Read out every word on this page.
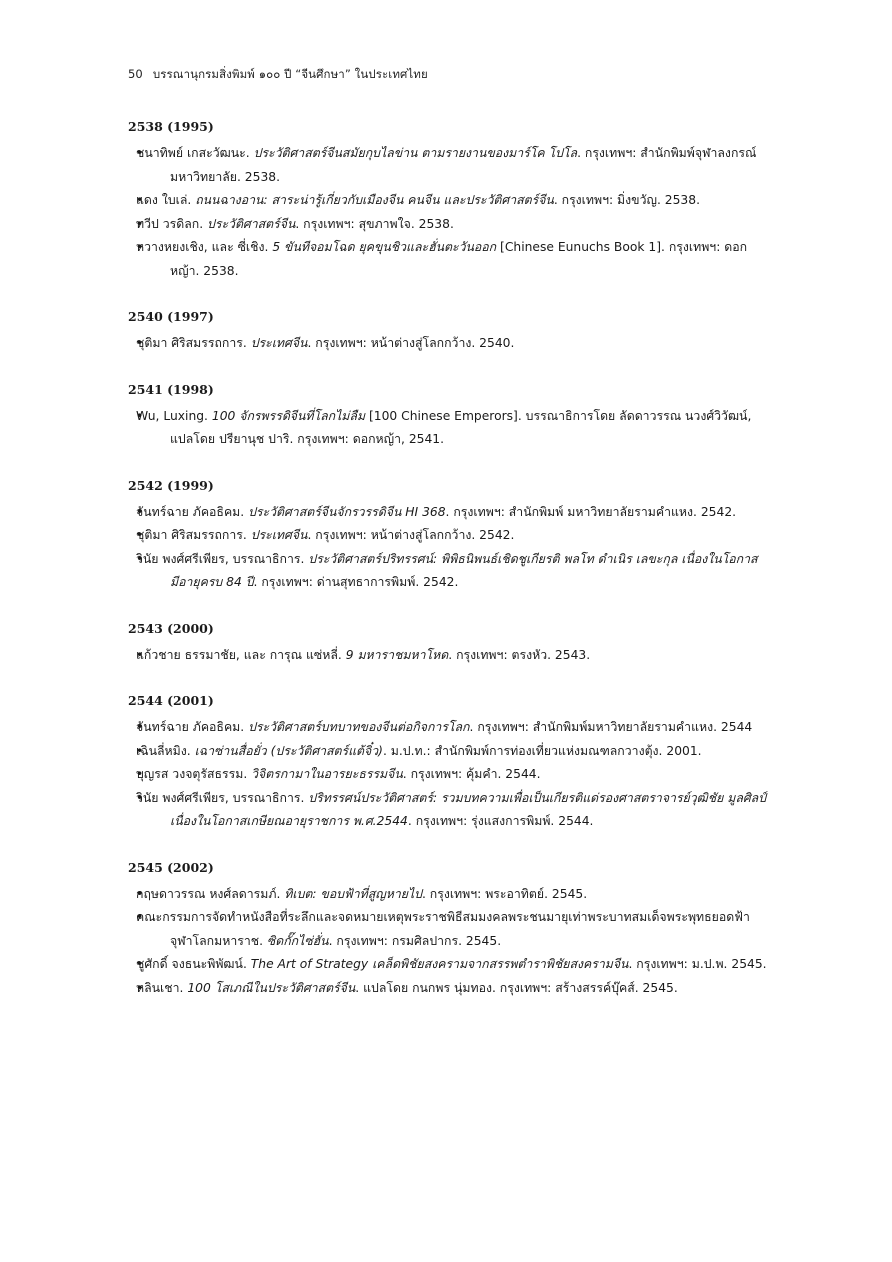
50 บรรณานุกรมสิ่งพิมพ์ ๑๐๐ ปี “จีนศึกษา” ในประเทศไทย
2538 (1995)
• ชนาทิพย์ เกสะวัฒนะ. ประวัติศาสตร์จีนสมัยกุบไลข่าน ตามรายงานของมาร์โค โปโล. กรุงเทพฯ: สำนักพิมพ์จุฬาลงกรณ์มหาวิทยาลัย. 2538.
• แดง ใบเล่. ถนนฉางอาน: สาระน่ารู้เกี่ยวกับเมืองจีน คนจีน และประวัติศาสตร์จีน. กรุงเทพฯ: มิ่งขวัญ. 2538.
• ทวีป วรดิลก. ประวัติศาสตร์จีน. กรุงเทพฯ: สุขภาพใจ. 2538.
• หวางหยงเชิง, และ ซี่เชิง. 5 ขันทีจอมโฉด ยุคขุนชิวและฮั่นตะวันออก [Chinese Eunuchs Book 1]. กรุงเทพฯ: ดอกหญ้า. 2538.
2540 (1997)
• ชุติมา ศิริสมรรถการ. ประเทศจีน. กรุงเทพฯ: หน้าต่างสู่โลกกว้าง. 2540.
2541 (1998)
• Wu, Luxing. 100 จักรพรรดิจีนที่โลกไม่ลืม [100 Chinese Emperors]. บรรณาธิการโดย ลัดดาวรรณ นวงศ์วิวัฒน์, แปลโดย ปรียานุช ปาริ. กรุงเทพฯ: ดอกหญ้า, 2541.
2542 (1999)
• จันทร์ฉาย ภัคอธิคม. ประวัติศาสตร์จีนจักรวรรดิจีน HI 368. กรุงเทพฯ: สำนักพิมพ์ มหาวิทยาลัยรามคำแหง. 2542.
• ชุติมา ศิริสมรรถการ. ประเทศจีน. กรุงเทพฯ: หน้าต่างสู่โลกกว้าง. 2542.
• วินัย พงศ์ศรีเพียร, บรรณาธิการ. ประวัติศาสตร์ปริทรรศน์: พิพิธนิพนธ์เชิดชูเกียรติ พลโท ดำเนิร เลขะกุล เนื่องในโอกาสมีอายุครบ 84 ปี. กรุงเทพฯ: ด่านสุทธาการพิมพ์. 2542.
2543 (2000)
• แก้วชาย ธรรมาชัย, และ การุณ แซ่หลี่. 9 มหาราชมหาโหด. กรุงเทพฯ: ตรงหัว. 2543.
2544 (2001)
• จันทร์ฉาย ภัคอธิคม. ประวัติศาสตร์บทบาทของจีนต่อกิจการโลก. กรุงเทพฯ: สำนักพิมพ์มหาวิทยาลัยรามคำแหง. 2544
• เฉินลี่หมิง. เฉาซ่านสื่อยั่ว (ประวัติศาสตร์แต้จิ๋ว). ม.ป.ท.: สำนักพิมพ์การท่องเที่ยวแห่งมณฑลกวางตุ้ง. 2001.
• บุญรส วงจตุรัสธรรม. วิจิตรกามาในอารยะธรรมจีน. กรุงเทพฯ: คุ้มคำ. 2544.
• วินัย พงศ์ศรีเพียร, บรรณาธิการ. ปริทรรศน์ประวัติศาสตร์: รวมบทความเพื่อเป็นเกียรติแด่รองศาสตราจารย์วุฒิชัย มูลศิลป์ เนื่องในโอกาสเกษียณอายุราชการ พ.ศ.2544. กรุงเทพฯ: รุ่งแสงการพิมพ์. 2544.
2545 (2002)
• กฤษดาวรรณ หงศ์ลดารมภ์. ทิเบต: ขอบฟ้าที่สูญหายไป. กรุงเทพฯ: พระอาทิตย์. 2545.
• คณะกรรมการจัดทำหนังสือที่ระลึกและจดหมายเหตุพระราชพิธีสมมงคลพระชนมายุเท่าพระบาทสมเด็จพระพุทธยอดฟ้าจุฬาโลกมหาราช. ซิดกั๊กไซ่ฮั่น. กรุงเทพฯ: กรมศิลปากร. 2545.
• ชูศักดิ์ จงธนะพิพัฒน์. The Art of Strategy เคล็ดพิชัยสงครามจากสรรพตำราพิชัยสงครามจีน. กรุงเทพฯ: ม.ป.พ. 2545.
• หลินเชา. 100 โสเภณีในประวัติศาสตร์จีน. แปลโดย กนกพร นุ่มทอง. กรุงเทพฯ: สร้างสรรค์บุ๊คส์. 2545.
